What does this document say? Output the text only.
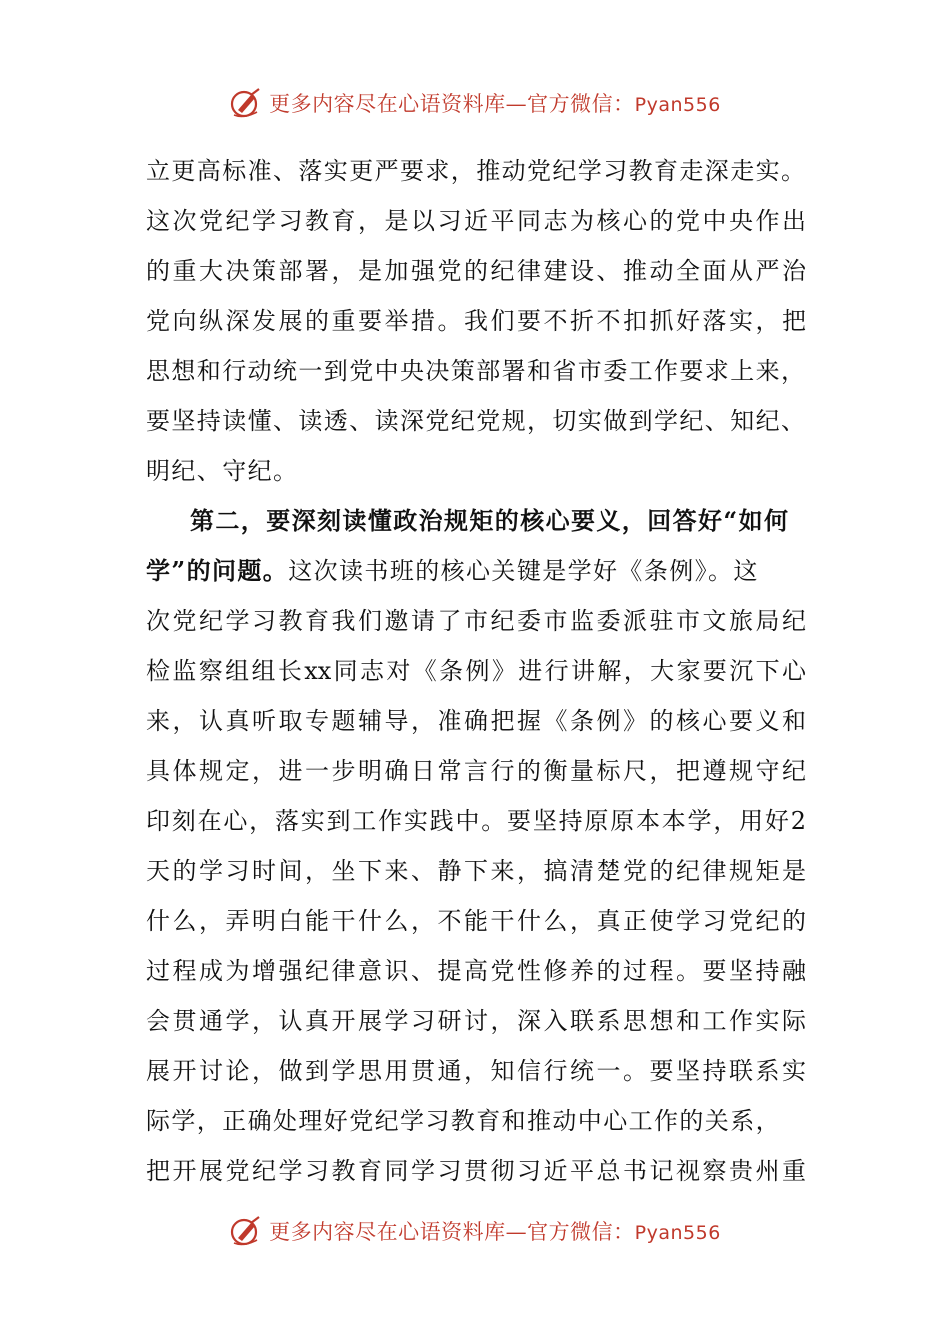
更多内容尽在心语资料库—官方微信：Pyan556
立更高标准、落实更严要求，推动党纪学习教育走深走实。
这次党纪学习教育，是以习近平同志为核心的党中央作出
的重大决策部署，是加强党的纪律建设、推动全面从严治
党向纵深发展的重要举措。我们要不折不扣抓好落实，把
思想和行动统一到党中央决策部署和省市委工作要求上来，
要坚持读懂、读透、读深党纪党规，切实做到学纪、知纪、
明纪、守纪。
第二，要深刻读懂政治规矩的核心要义，回答好“如何
学”的问题。这次读书班的核心关键是学好《条例》。这
次党纪学习教育我们邀请了市纪委市监委派驻市文旅局纪
检监察组组长xx同志对《条例》进行讲解，大家要沉下心
来，认真听取专题辅导，准确把握《条例》的核心要义和
具体规定，进一步明确日常言行的衡量标尺，把遵规守纪
印刻在心，落实到工作实践中。要坚持原原本本学，用好2
天的学习时间，坐下来、静下来，搞清楚党的纪律规矩是
什么，弄明白能干什么，不能干什么，真正使学习党纪的
过程成为增强纪律意识、提高党性修养的过程。要坚持融
会贯通学，认真开展学习研讨，深入联系思想和工作实际
展开讨论，做到学思用贯通，知信行统一。要坚持联系实
际学，正确处理好党纪学习教育和推动中心工作的关系，
把开展党纪学习教育同学习贯彻习近平总书记视察贵州重
更多内容尽在心语资料库—官方微信：Pyan556
